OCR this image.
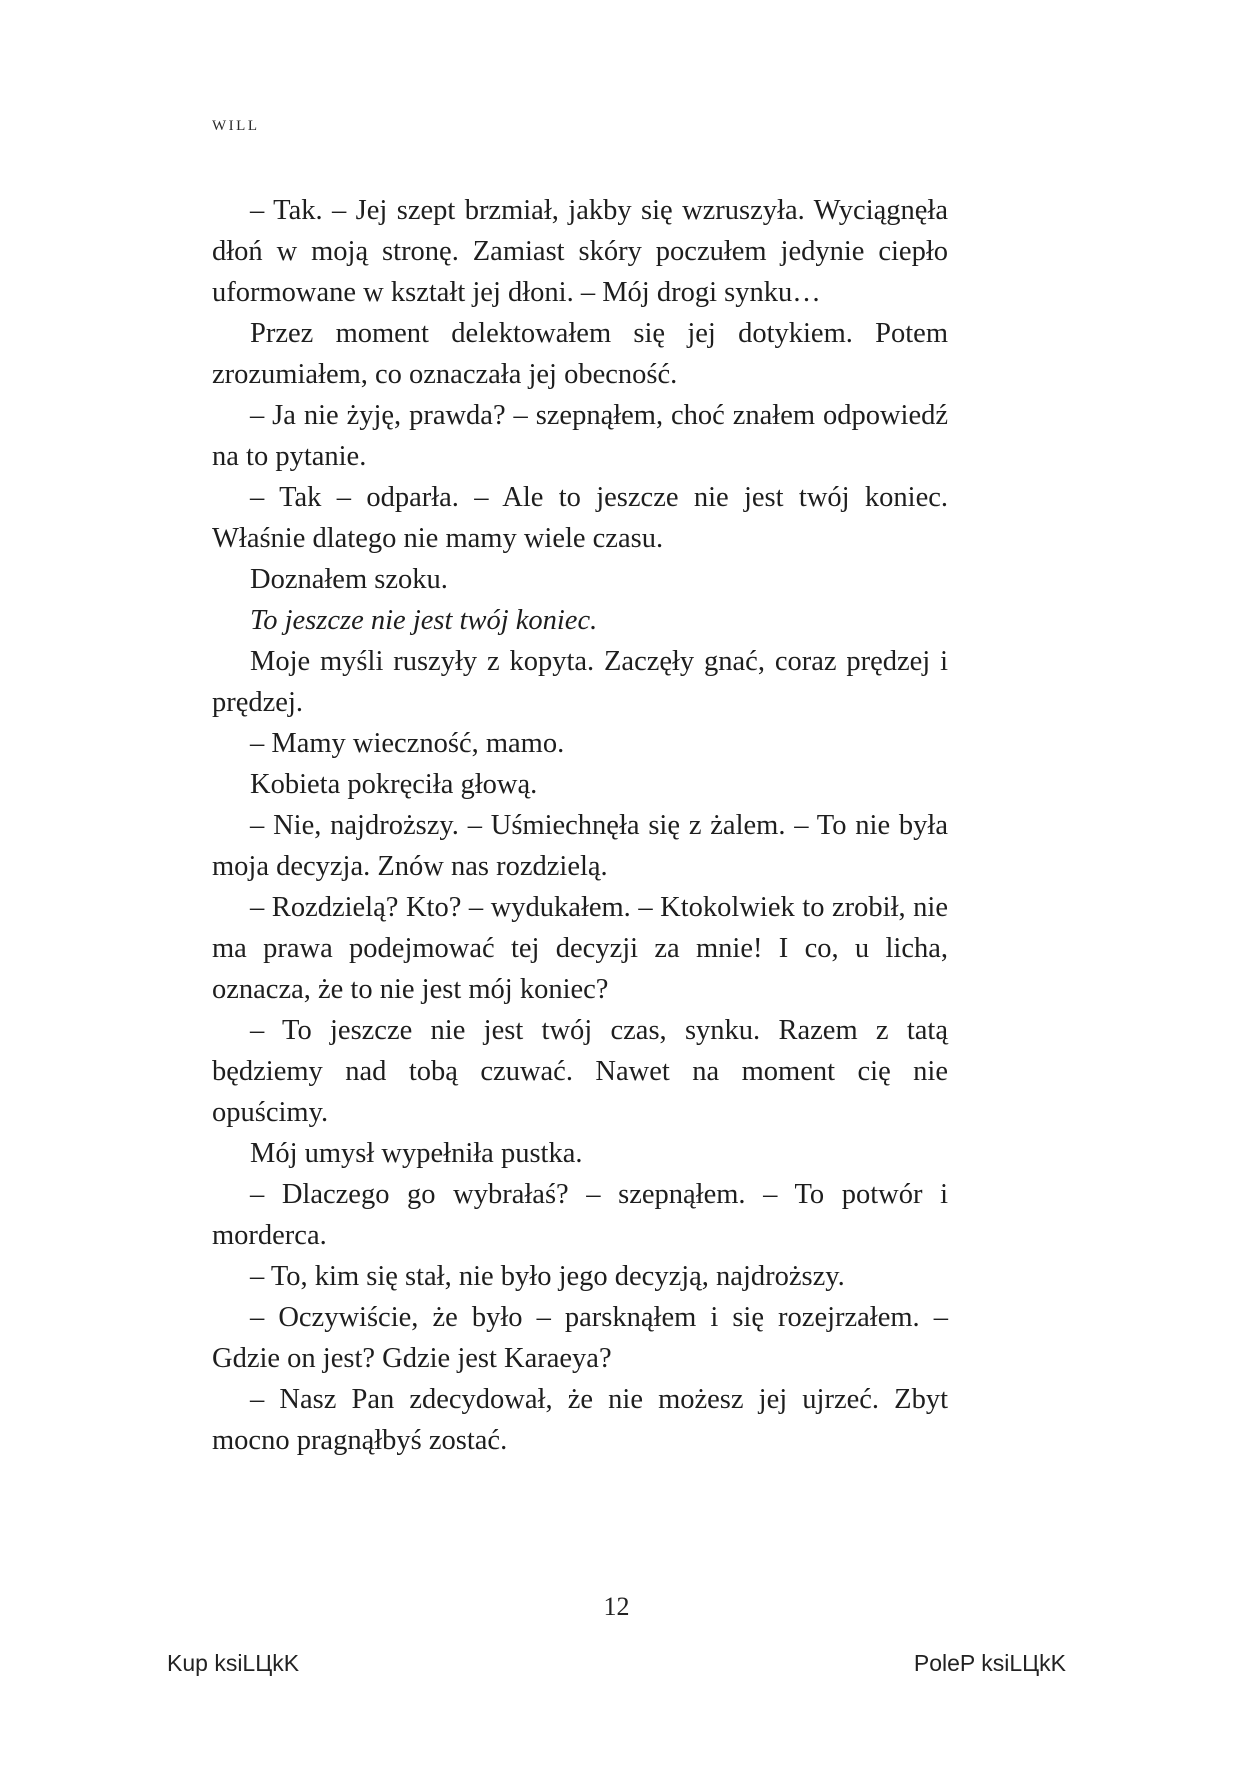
WILL

– Tak. – Jej szept brzmiał, jakby się wzruszyła. Wyciągnęła dłoń w moją stronę. Zamiast skóry poczułem jedynie ciepło uformowane w kształt jej dłoni. – Mój drogi synku…

Przez moment delektowałem się jej dotykiem. Potem zrozumiałem, co oznaczała jej obecność.

– Ja nie żyję, prawda? – szepnąłem, choć znałem odpowiedź na to pytanie.

– Tak – odparła. – Ale to jeszcze nie jest twój koniec. Właśnie dlatego nie mamy wiele czasu.

Doznałem szoku.

To jeszcze nie jest twój koniec.

Moje myśli ruszyły z kopyta. Zaczęły gnać, coraz prędzej i prędzej.

– Mamy wieczność, mamo.

Kobieta pokręciła głową.

– Nie, najdroższy. – Uśmiechnęła się z żalem. – To nie była moja decyzja. Znów nas rozdzielą.

– Rozdzielą? Kto? – wydukałem. – Ktokolwiek to zrobił, nie ma prawa podejmować tej decyzji za mnie! I co, u licha, oznacza, że to nie jest mój koniec?

– To jeszcze nie jest twój czas, synku. Razem z tatą będziemy nad tobą czuwać. Nawet na moment cię nie opuścimy.

Mój umysł wypełniła pustka.

– Dlaczego go wybrałaś? – szepnąłem. – To potwór i morderca.

– To, kim się stał, nie było jego decyzją, najdroższy.

– Oczywiście, że było – parsknąłem i się rozejrzałem. – Gdzie on jest? Gdzie jest Karaeya?

– Nasz Pan zdecydował, że nie możesz jej ujrzeć. Zbyt mocno pragnąłbyś zostać.

12
Kup ksiLЦkK	PoleP ksiLЦkK
